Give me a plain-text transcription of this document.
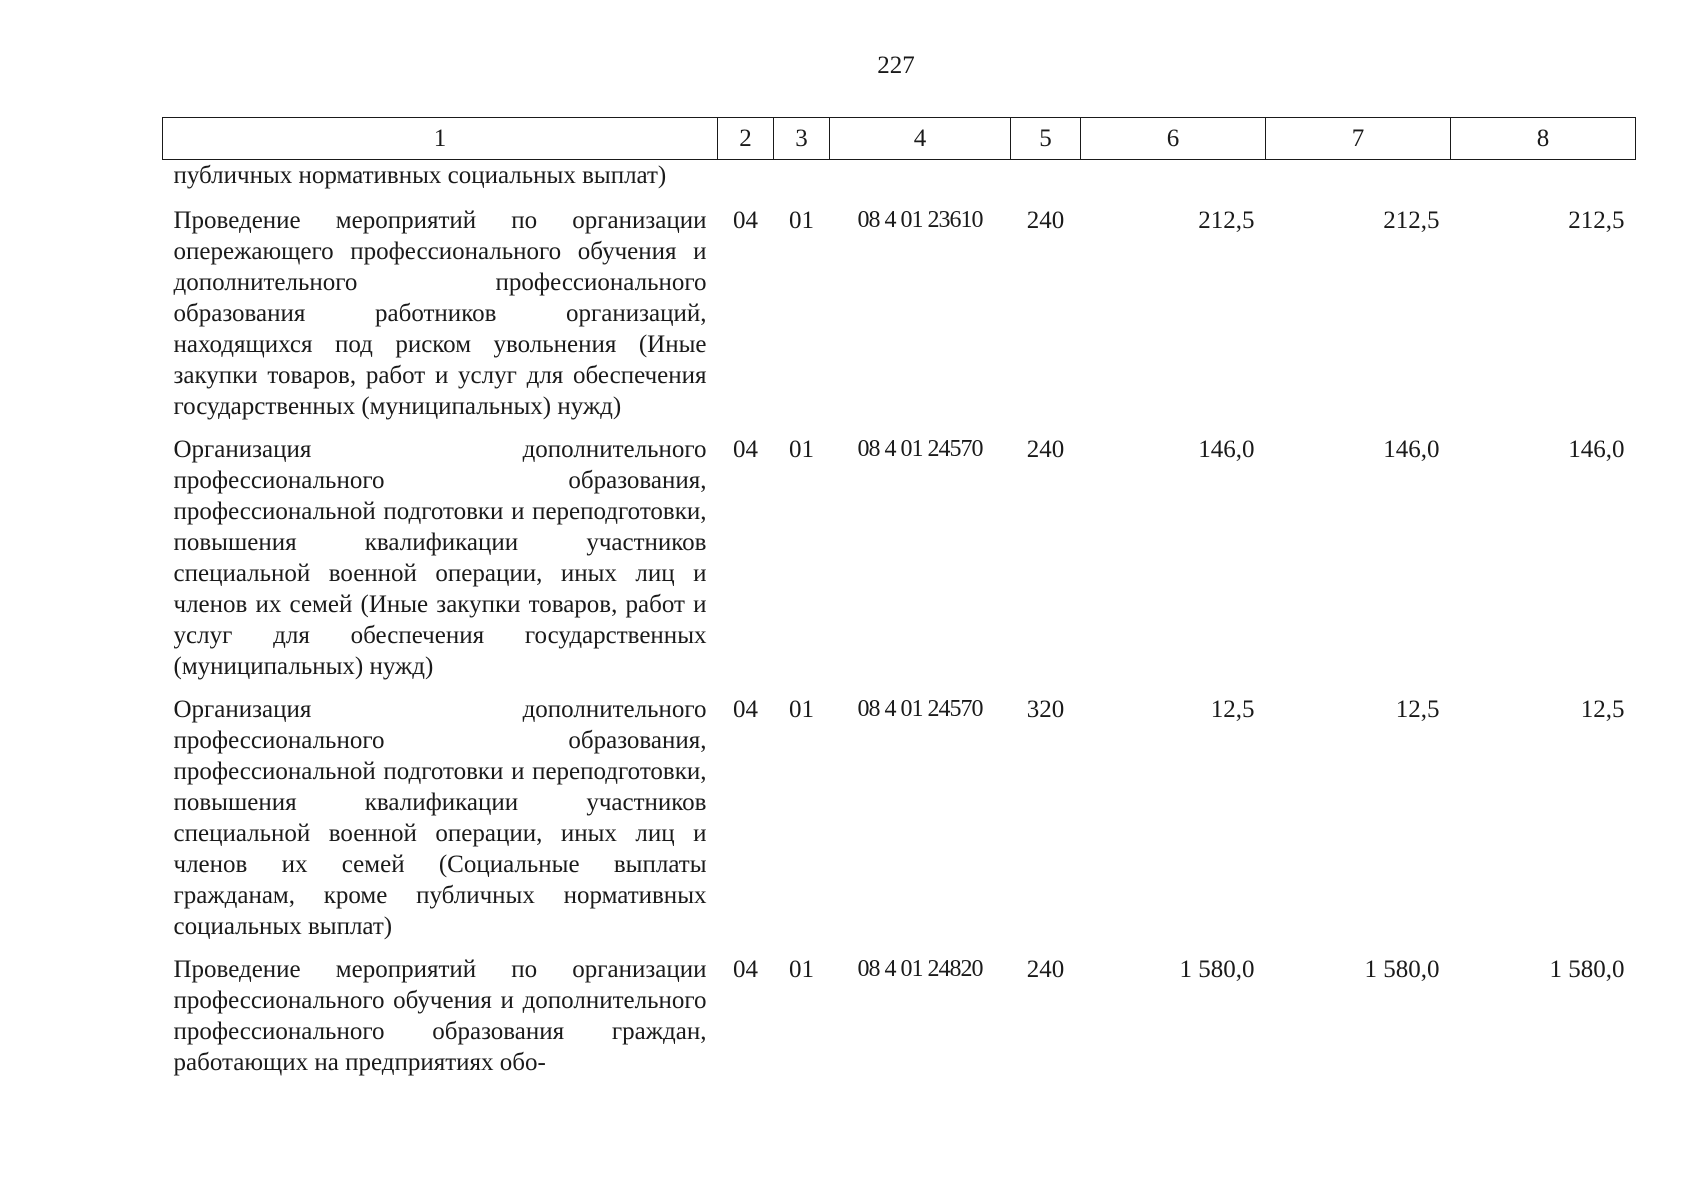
227
1	2	3	4	5	6	7	8
публичных нормативных социальных выплат)							
Проведение мероприятий по организации опережающего профессионального обучения и дополнительного профессионального образования работников организаций, находящихся под риском увольнения (Иные закупки товаров, работ и услуг для обеспечения государственных (муниципальных) нужд)	04	01	08 4 01 23610	240	212,5	212,5	212,5
Организация дополнительного профессионального образования, профессиональной подготовки и переподготовки, повышения квалификации участников специальной военной операции, иных лиц и членов их семей (Иные закупки товаров, работ и услуг для обеспечения государственных (муниципальных) нужд)	04	01	08 4 01 24570	240	146,0	146,0	146,0
Организация дополнительного профессионального образования, профессиональной подготовки и переподготовки, повышения квалификации участников специальной военной операции, иных лиц и членов их семей (Социальные выплаты гражданам, кроме публичных нормативных социальных выплат)	04	01	08 4 01 24570	320	12,5	12,5	12,5
Проведение мероприятий по организации профессионального обучения и дополнительного профессионального образования граждан, работающих на предприятиях обо-	04	01	08 4 01 24820	240	1 580,0	1 580,0	1 580,0
